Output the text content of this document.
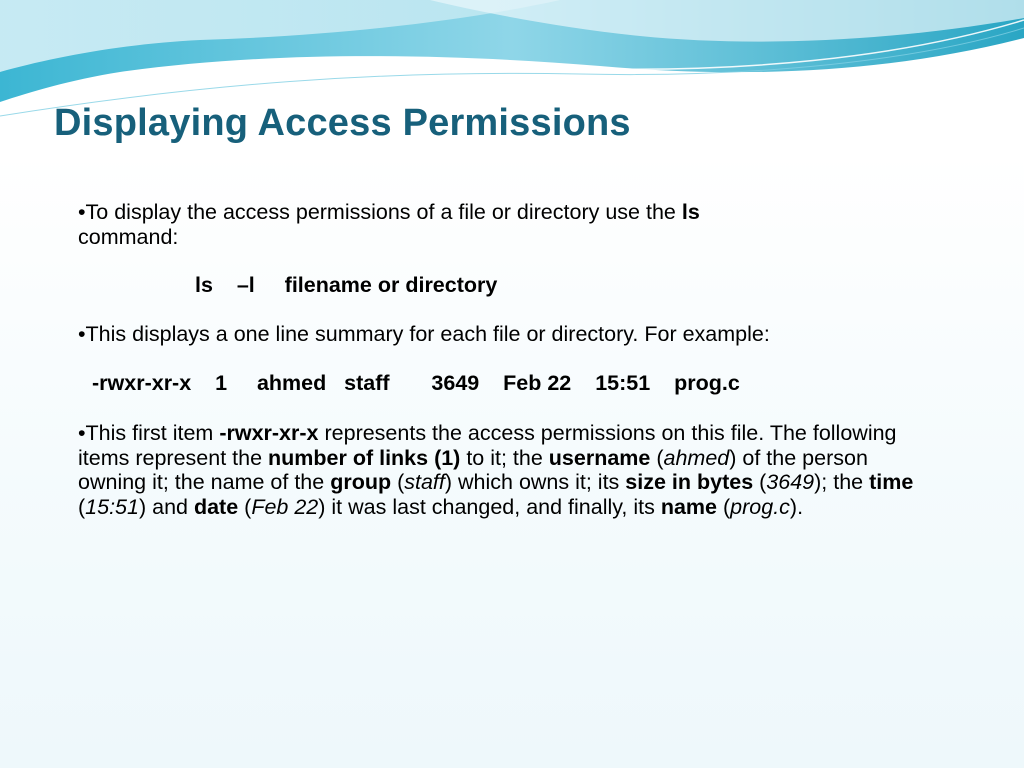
Displaying Access Permissions

•To display the access permissions of a file or directory use the ls
command:

ls –l filename or directory

•This displays a one line summary for each file or directory. For example:

-rwxr-xr-x 1 ahmed staff 3649 Feb 22 15:51 prog.c

•This first item -rwxr-xr-x represents the access permissions on this file. The following items represent the number of links (1) to it; the username (ahmed) of the person owning it; the name of the group (staff) which owns it; its size in bytes (3649); the time (15:51) and date (Feb 22) it was last changed, and finally, its name (prog.c).
